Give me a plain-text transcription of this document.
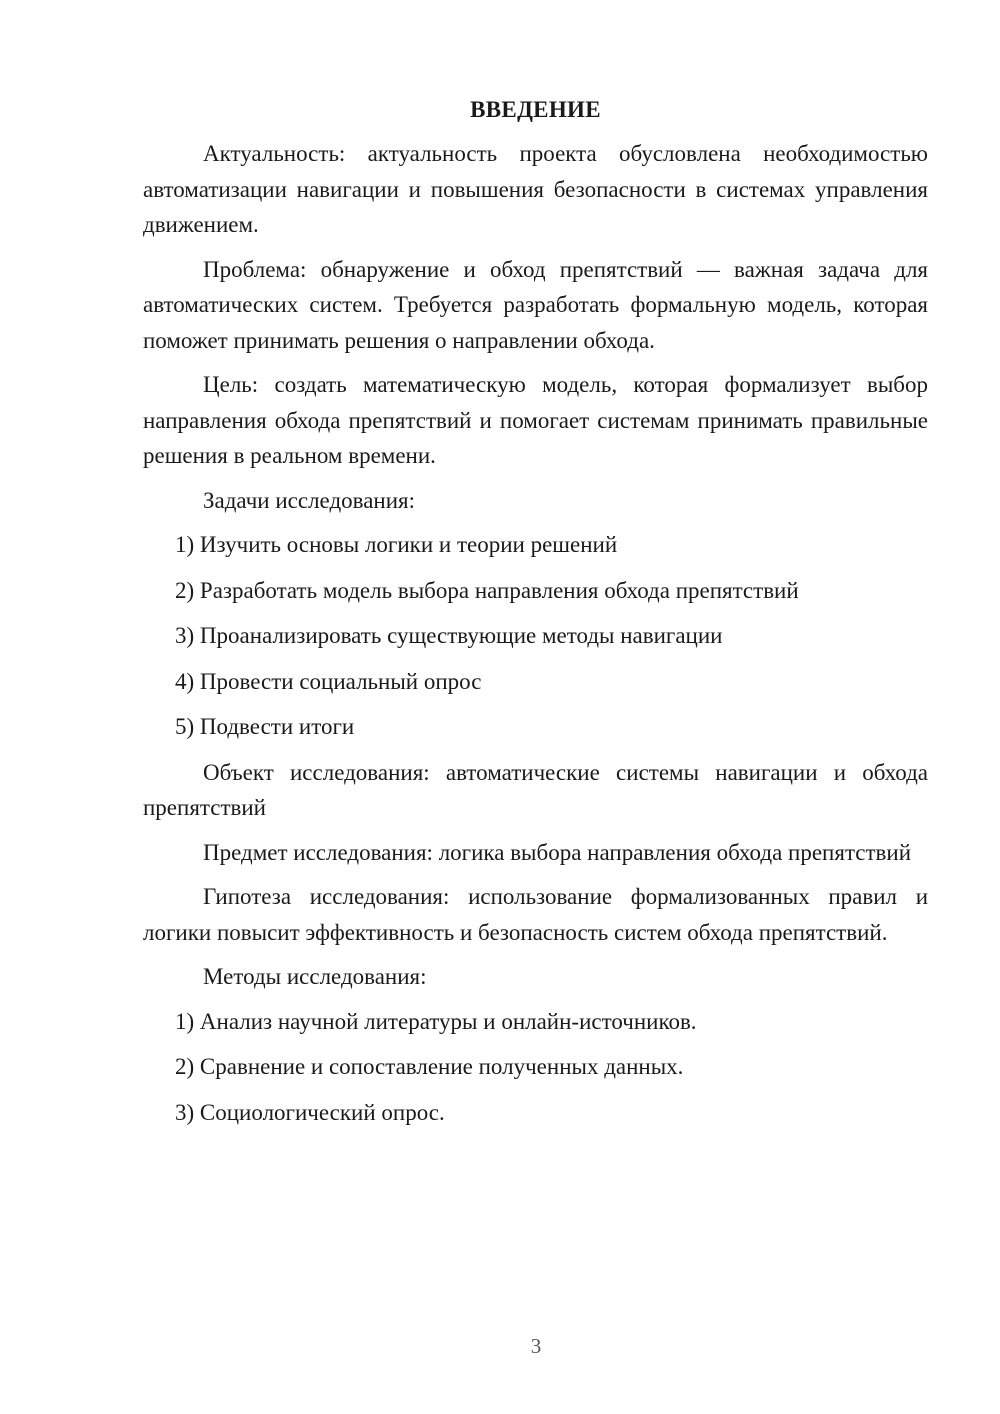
ВВЕДЕНИЕ

Актуальность: актуальность проекта обусловлена необходимостью автоматизации навигации и повышения безопасности в системах управления движением.

Проблема: обнаружение и обход препятствий — важная задача для автоматических систем. Требуется разработать формальную модель, которая поможет принимать решения о направлении обхода.

Цель: создать математическую модель, которая формализует выбор направления обхода препятствий и помогает системам принимать правильные решения в реальном времени.

Задачи исследования:

1) Изучить основы логики и теории решений
2) Разработать модель выбора направления обхода препятствий
3) Проанализировать существующие методы навигации
4) Провести социальный опрос
5) Подвести итоги

Объект исследования: автоматические системы навигации и обхода препятствий

Предмет исследования: логика выбора направления обхода препятствий

Гипотеза исследования: использование формализованных правил и логики повысит эффективность и безопасность систем обхода препятствий.

Методы исследования:

1) Анализ научной литературы и онлайн-источников.
2) Сравнение и сопоставление полученных данных.
3) Социологический опрос.
3
